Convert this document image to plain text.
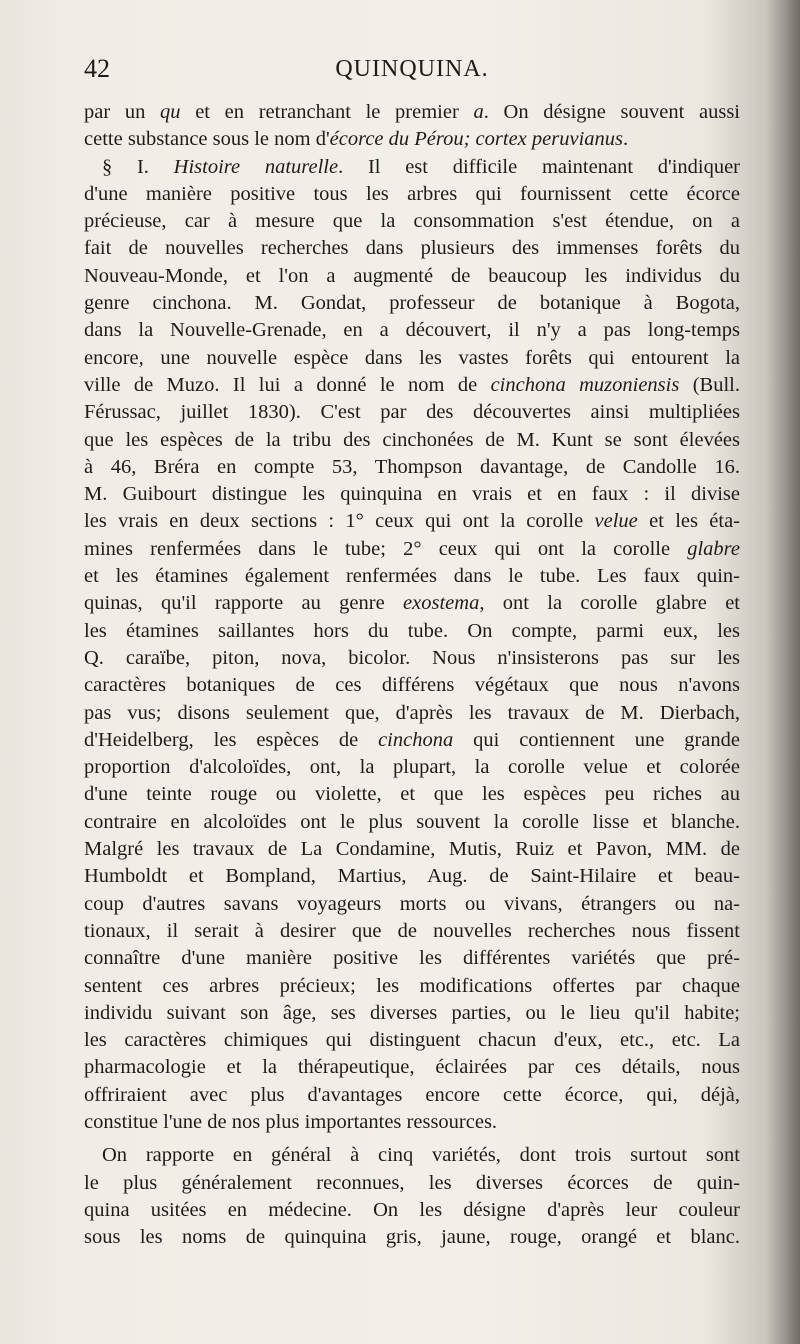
42	QUINQUINA.
par un qu et en retranchant le premier a. On désigne souvent aussi
cette substance sous le nom d'écorce du Pérou; cortex peruvianus.
§ I. Histoire naturelle. Il est difficile maintenant d'indiquer
d'une manière positive tous les arbres qui fournissent cette écorce
précieuse, car à mesure que la consommation s'est étendue, on a
fait de nouvelles recherches dans plusieurs des immenses forêts du
Nouveau-Monde, et l'on a augmenté de beaucoup les individus du
genre cinchona. M. Gondat, professeur de botanique à Bogota,
dans la Nouvelle-Grenade, en a découvert, il n'y a pas long-temps
encore, une nouvelle espèce dans les vastes forêts qui entourent la
ville de Muzo. Il lui a donné le nom de cinchona muzoniensis (Bull.
Férussac, juillet 1830). C'est par des découvertes ainsi multipliées
que les espèces de la tribu des cinchonées de M. Kunt se sont élevées
à 46, Bréra en compte 53, Thompson davantage, de Candolle 16.
M. Guibourt distingue les quinquina en vrais et en faux : il divise
les vrais en deux sections : 1° ceux qui ont la corolle velue et les éta-
mines renfermées dans le tube; 2° ceux qui ont la corolle glabre
et les étamines également renfermées dans le tube. Les faux quin-
quinas, qu'il rapporte au genre exostema, ont la corolle glabre et
les étamines saillantes hors du tube. On compte, parmi eux, les
Q. caraïbe, piton, nova, bicolor. Nous n'insisterons pas sur les
caractères botaniques de ces différens végétaux que nous n'avons
pas vus; disons seulement que, d'après les travaux de M. Dierbach,
d'Heidelberg, les espèces de cinchona qui contiennent une grande
proportion d'alcoloïdes, ont, la plupart, la corolle velue et colorée
d'une teinte rouge ou violette, et que les espèces peu riches au
contraire en alcoloïdes ont le plus souvent la corolle lisse et blanche.
Malgré les travaux de La Condamine, Mutis, Ruiz et Pavon, MM. de
Humboldt et Bompland, Martius, Aug. de Saint-Hilaire et beau-
coup d'autres savans voyageurs morts ou vivans, étrangers ou na-
tionaux, il serait à desirer que de nouvelles recherches nous fissent
connaître d'une manière positive les différentes variétés que pré-
sentent ces arbres précieux; les modifications offertes par chaque
individu suivant son âge, ses diverses parties, ou le lieu qu'il habite;
les caractères chimiques qui distinguent chacun d'eux, etc., etc. La
pharmacologie et la thérapeutique, éclairées par ces détails, nous
offriraient avec plus d'avantages encore cette écorce, qui, déjà,
constitue l'une de nos plus importantes ressources.
On rapporte en général à cinq variétés, dont trois surtout sont
le plus généralement reconnues, les diverses écorces de quin-
quina usitées en médecine. On les désigne d'après leur couleur
sous les noms de quinquina gris, jaune, rouge, orangé et blanc.
